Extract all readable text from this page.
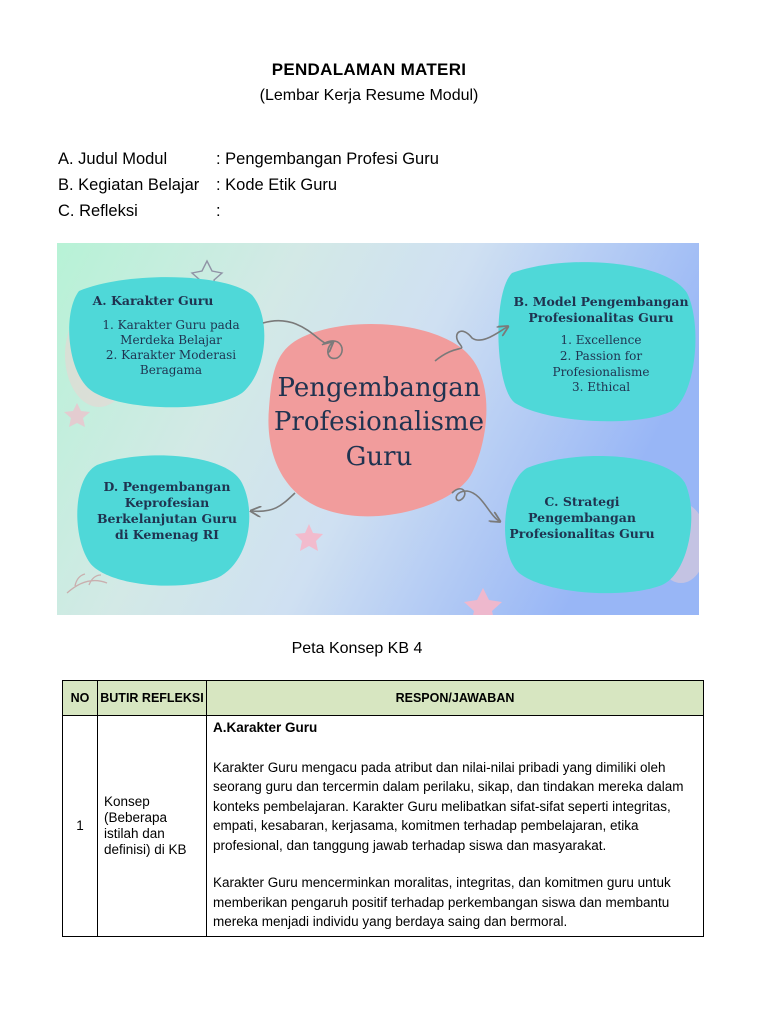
PENDALAMAN MATERI
(Lembar Kerja Resume Modul)
A. Judul Modul	: Pengembangan Profesi Guru
B. Kegiatan Belajar : Kode Etik Guru
C. Refleksi	:
Pengembangan
Profesionalisme
Guru
A. Karakter Guru
1. Karakter Guru pada
Merdeka Belajar
2. Karakter Moderasi
Beragama
B. Model Pengembangan
Profesionalitas Guru
1. Excellence
2. Passion for
Profesionalisme
3. Ethical
C. Strategi
Pengembangan
Profesionalitas Guru
D. Pengembangan
Keprofesian
Berkelanjutan Guru
di Kemenag RI
Peta Konsep KB 4
NO	BUTIR REFLEKSI	RESPON/JAWABAN
1	Konsep (Beberapa istilah dan definisi) di KB	A.Karakter Guru

Karakter Guru mengacu pada atribut dan nilai-nilai pribadi yang dimiliki oleh seorang guru dan tercermin dalam perilaku, sikap, dan tindakan mereka dalam konteks pembelajaran. Karakter Guru melibatkan sifat-sifat seperti integritas, empati, kesabaran, kerjasama, komitmen terhadap pembelajaran, etika profesional, dan tanggung jawab terhadap siswa dan masyarakat.

Karakter Guru mencerminkan moralitas, integritas, dan komitmen guru untuk memberikan pengaruh positif terhadap perkembangan siswa dan membantu mereka menjadi individu yang berdaya saing dan bermoral.
